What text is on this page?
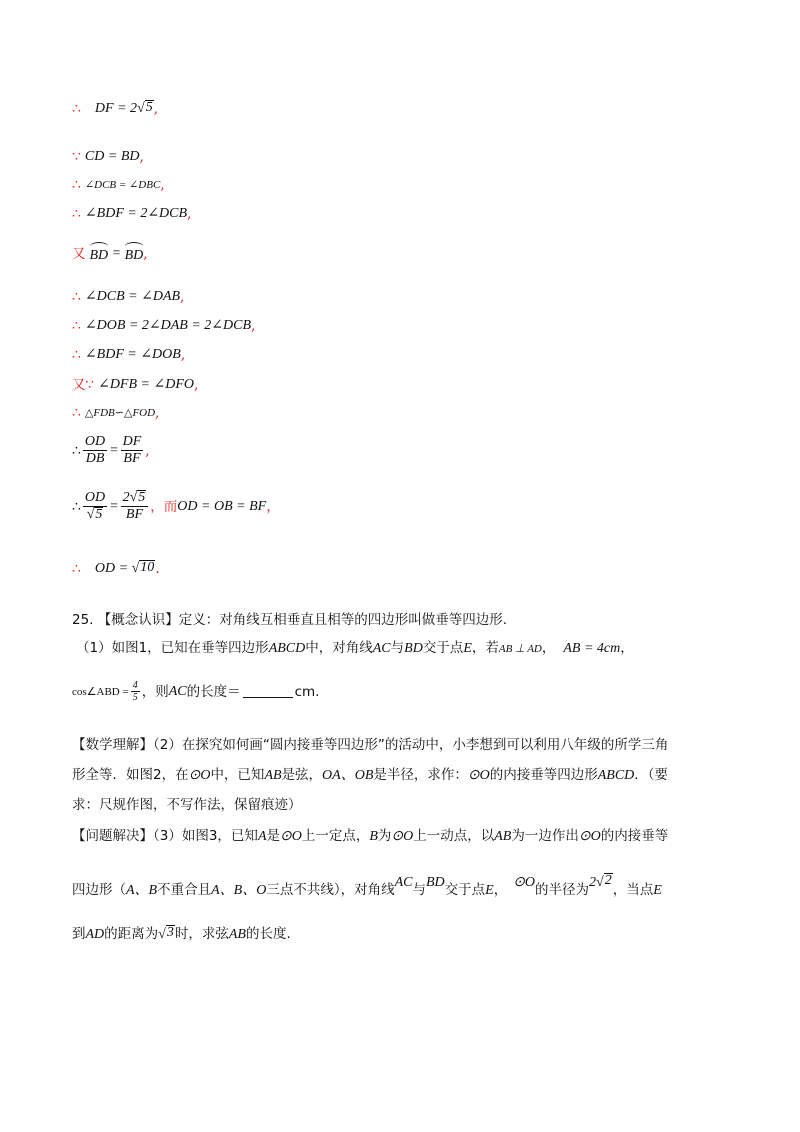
∴ DF = 2 √ 5 ,
∵ CD = BD ,
∴ ∠DCB = ∠DBC ,
∴ ∠BDF = 2∠DCB ,
又 BD = BD ,
∴ ∠DCB = ∠DAB ,
∴ ∠DOB = 2∠DAB = 2∠DCB ,
∴ ∠BDF = ∠DOB ,
又∵ ∠DFB = ∠DFO ,
∴ △FDB∽△FOD ,
∴ $\frac{OD}{DB} = \frac{DF}{BF}$ ,
∴ $\frac{OD}{√ 5} = \frac{2 √ 5}{BF}$ ，而 OD = OB = BF ，
∴ OD = √ 10 .
25. 【概念认识】定义：对角线互相垂直且相等的四边形叫做垂等四边形.
（1）如图1，已知在垂等四边形ABCD中，对角线AC与BD交于点E，若AB ⊥ AD， AB = 4cm，
cos∠ABD = $\frac{4}{5}$ ，则 AC 的长度＝	cm.
【数学理解】（2）在探究如何画“圆内接垂等四边形”的活动中，小李想到可以利用八年级的所学三角
形全等．如图2，在⊙O中，已知AB是弦，OA、OB是半径，求作：⊙O的内接垂等四边形ABCD．（要
求：尺规作图，不写作法，保留痕迹）
【问题解决】（3）如图3，已知A是⊙O上一定点，B为⊙O上一动点，以AB为一边作出⊙O的内接垂等
四边形（A、B不重合且A、B、O三点不共线），对角线AC与BD交于点E， ⊙O的半径为2 √ 2
，当点E
到AD的距离为 √ 3 时，求弦AB的长度.
